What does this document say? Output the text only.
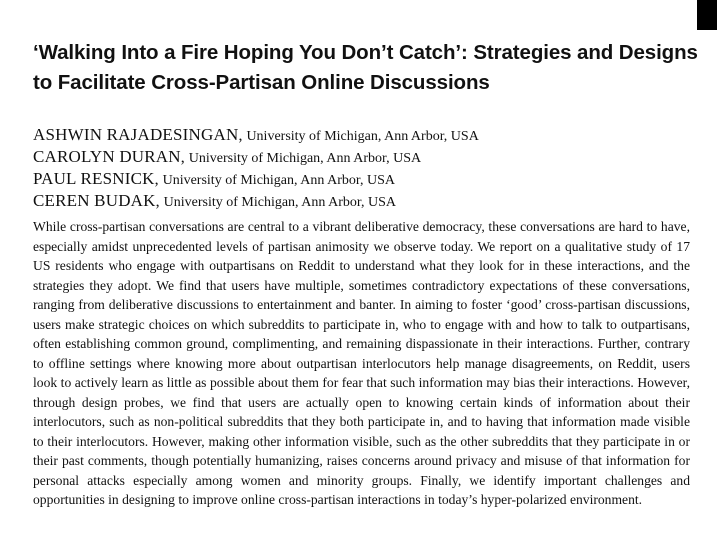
‘Walking Into a Fire Hoping You Don’t Catch’: Strategies and Designs to Facilitate Cross-Partisan Online Discussions
ASHWIN RAJADESINGAN, University of Michigan, Ann Arbor, USA
CAROLYN DURAN, University of Michigan, Ann Arbor, USA
PAUL RESNICK, University of Michigan, Ann Arbor, USA
CEREN BUDAK, University of Michigan, Ann Arbor, USA

While cross-partisan conversations are central to a vibrant deliberative democracy, these conversations are hard to have, especially amidst unprecedented levels of partisan animosity we observe today. We report on a qualitative study of 17 US residents who engage with outpartisans on Reddit to understand what they look for in these interactions, and the strategies they adopt. We find that users have multiple, sometimes contradictory expectations of these conversations, ranging from deliberative discussions to entertainment and banter. In aiming to foster ‘good’ cross-partisan discussions, users make strategic choices on which subreddits to participate in, who to engage with and how to talk to outpartisans, often establishing common ground, complimenting, and remaining dispassionate in their interactions. Further, contrary to offline settings where knowing more about outpartisan interlocutors help manage disagreements, on Reddit, users look to actively learn as little as possible about them for fear that such information may bias their interactions. However, through design probes, we find that users are actually open to knowing certain kinds of information about their interlocutors, such as non-political subreddits that they both participate in, and to having that information made visible to their interlocutors. However, making other information visible, such as the other subreddits that they participate in or their past comments, though potentially humanizing, raises concerns around privacy and misuse of that information for personal attacks especially among women and minority groups. Finally, we identify important challenges and opportunities in designing to improve online cross-partisan interactions in today’s hyper-polarized environment.
